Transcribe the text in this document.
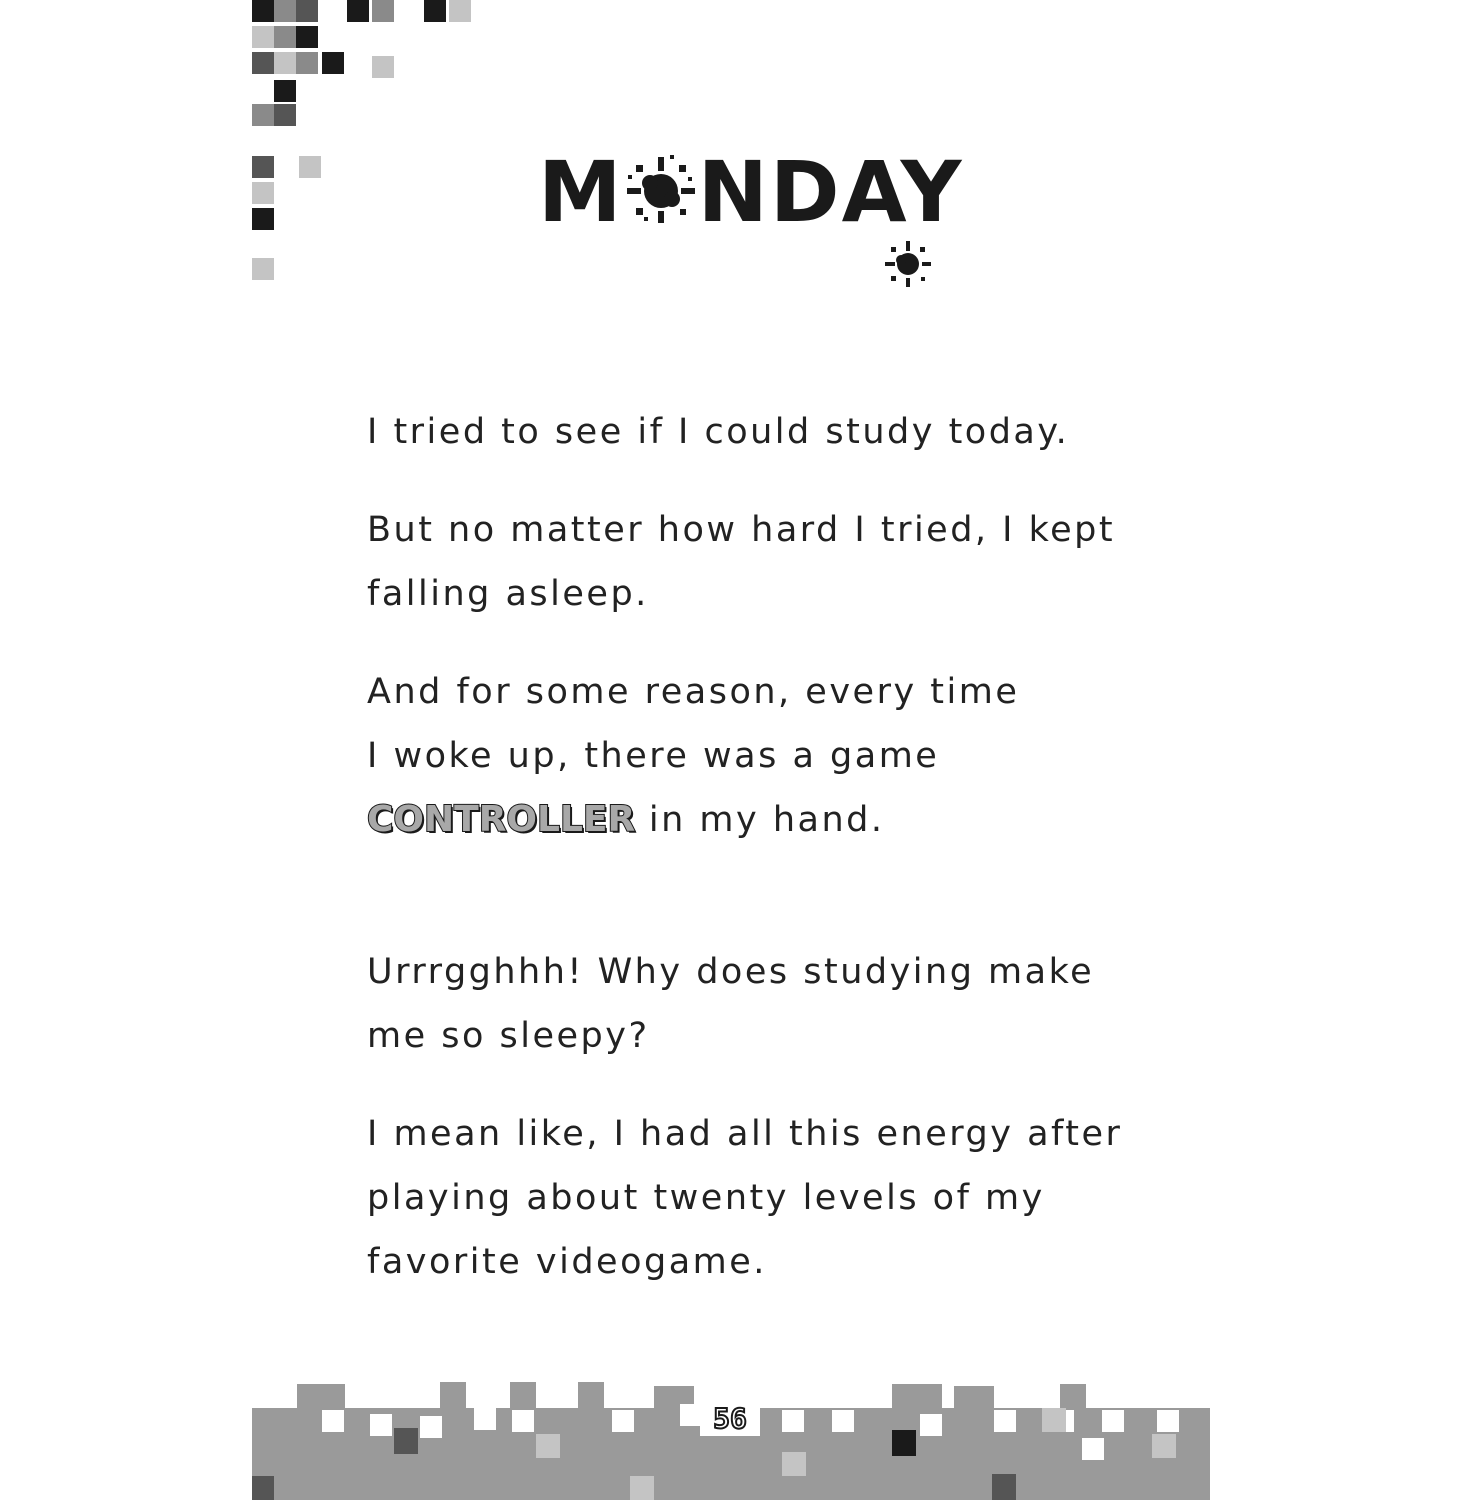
M NDAY

I tried to see if I could study today.

But no matter how hard I tried, I kept
falling asleep.

And for some reason, every time
I woke up, there was a game
CONTROLLER in my hand.

Urrrgghhh! Why does studying make
me so sleepy?

I mean like, I had all this energy after
playing about twenty levels of my
favorite videogame.

56
